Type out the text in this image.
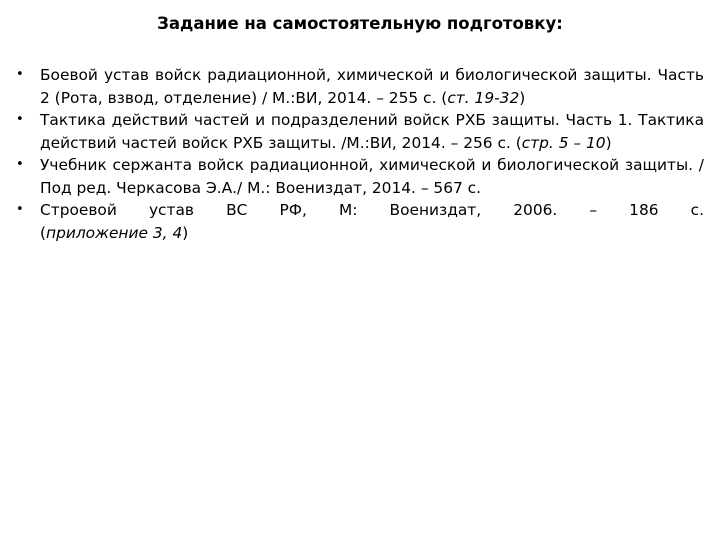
Задание на самостоятельную подготовку:
• Боевой устав войск радиационной, химической и биологической защиты. Часть 2 (Рота, взвод, отделение) / М.:ВИ, 2014. – 255 с. (ст. 19-32)
• Тактика действий частей и подразделений войск РХБ защиты. Часть 1. Тактика действий частей войск РХБ защиты. /М.:ВИ, 2014. – 256 с. (стр. 5 – 10)
• Учебник сержанта войск радиационной, химической и биологической защиты. /Под ред. Черкасова Э.А./ М.: Воениздат, 2014. – 567 с.
• Строевой устав ВС РФ, М: Воениздат, 2006. – 186 с.
(приложение 3, 4)
